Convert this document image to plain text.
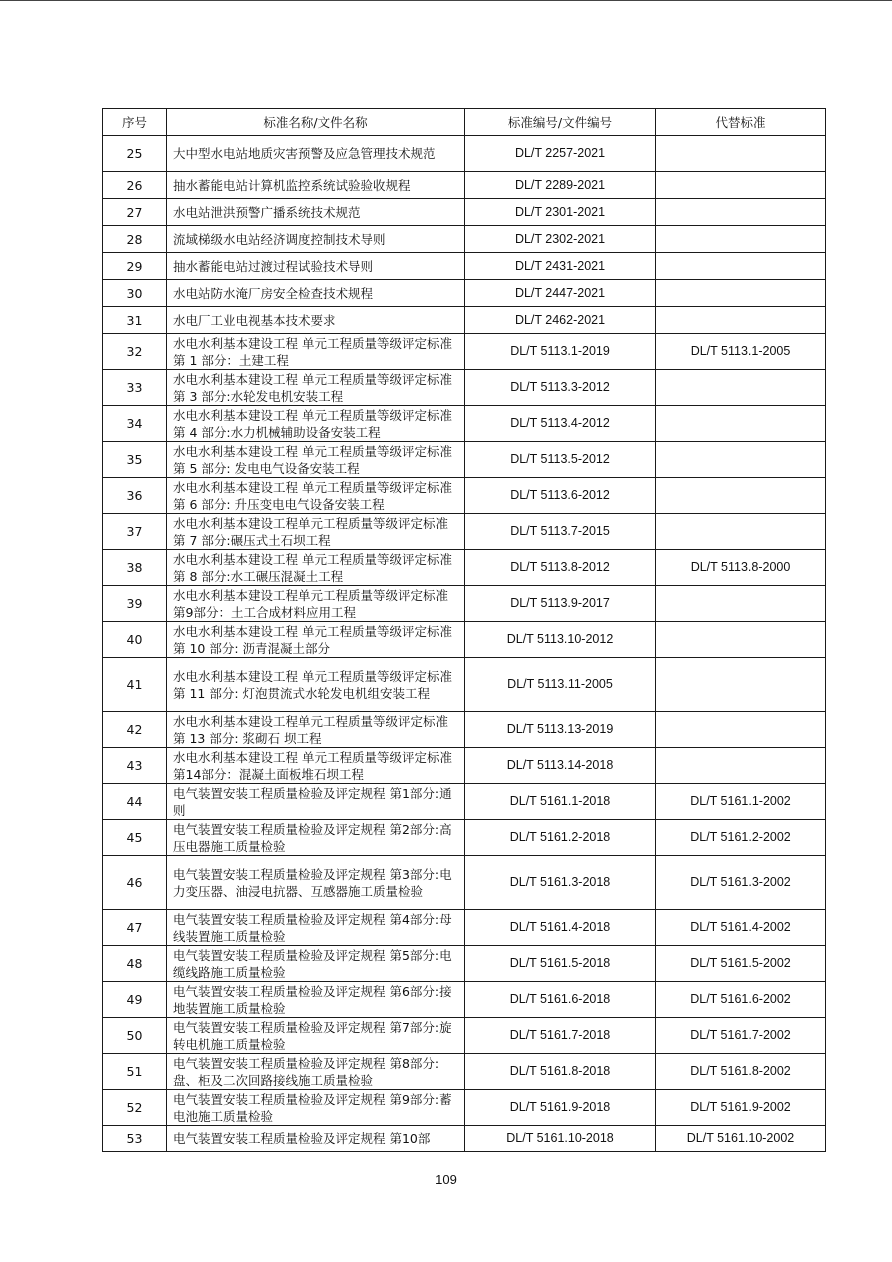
序号	标准名称/文件名称	标准编号/文件编号	代替标准
25	大中型水电站地质灾害预警及应急管理技术规范	DL/T 2257-2021	
26	抽水蓄能电站计算机监控系统试验验收规程	DL/T 2289-2021	
27	水电站泄洪预警广播系统技术规范	DL/T 2301-2021	
28	流域梯级水电站经济调度控制技术导则	DL/T 2302-2021	
29	抽水蓄能电站过渡过程试验技术导则	DL/T 2431-2021	
30	水电站防水淹厂房安全检查技术规程	DL/T 2447-2021	
31	水电厂工业电视基本技术要求	DL/T 2462-2021	
32	水电水利基本建设工程 单元工程质量等级评定标准 第 1 部分：土建工程	DL/T 5113.1-2019	DL/T 5113.1-2005
33	水电水利基本建设工程 单元工程质量等级评定标准 第 3 部分:水轮发电机安装工程	DL/T 5113.3-2012	
34	水电水利基本建设工程 单元工程质量等级评定标准 第 4 部分:水力机械辅助设备安装工程	DL/T 5113.4-2012	
35	水电水利基本建设工程 单元工程质量等级评定标准 第 5 部分: 发电电气设备安装工程	DL/T 5113.5-2012	
36	水电水利基本建设工程 单元工程质量等级评定标准 第 6 部分: 升压变电电气设备安装工程	DL/T 5113.6-2012	
37	水电水利基本建设工程单元工程质量等级评定标准第 7 部分:碾压式土石坝工程	DL/T 5113.7-2015	
38	水电水利基本建设工程 单元工程质量等级评定标准 第 8 部分:水工碾压混凝土工程	DL/T 5113.8-2012	DL/T 5113.8-2000
39	水电水利基本建设工程单元工程质量等级评定标准 第9部分：土工合成材料应用工程	DL/T 5113.9-2017	
40	水电水利基本建设工程 单元工程质量等级评定标准 第 10 部分: 沥青混凝土部分	DL/T 5113.10-2012	
41	水电水利基本建设工程 单元工程质量等级评定标准 第 11 部分: 灯泡贯流式水轮发电机组安装工程	DL/T 5113.11-2005	
42	水电水利基本建设工程单元工程质量等级评定标准 第 13 部分: 浆砌石 坝工程	DL/T 5113.13-2019	
43	水电水利基本建设工程 单元工程质量等级评定标准 第14部分：混凝土面板堆石坝工程	DL/T 5113.14-2018	
44	电气装置安装工程质量检验及评定规程 第1部分:通则	DL/T 5161.1-2018	DL/T 5161.1-2002
45	电气装置安装工程质量检验及评定规程 第2部分:高压电器施工质量检验	DL/T 5161.2-2018	DL/T 5161.2-2002
46	电气装置安装工程质量检验及评定规程 第3部分:电力变压器、油浸电抗器、互感器施工质量检验	DL/T 5161.3-2018	DL/T 5161.3-2002
47	电气装置安装工程质量检验及评定规程 第4部分:母线装置施工质量检验	DL/T 5161.4-2018	DL/T 5161.4-2002
48	电气装置安装工程质量检验及评定规程 第5部分:电缆线路施工质量检验	DL/T 5161.5-2018	DL/T 5161.5-2002
49	电气装置安装工程质量检验及评定规程 第6部分:接地装置施工质量检验	DL/T 5161.6-2018	DL/T 5161.6-2002
50	电气装置安装工程质量检验及评定规程 第7部分:旋转电机施工质量检验	DL/T 5161.7-2018	DL/T 5161.7-2002
51	电气装置安装工程质量检验及评定规程 第8部分:盘、柜及二次回路接线施工质量检验	DL/T 5161.8-2018	DL/T 5161.8-2002
52	电气装置安装工程质量检验及评定规程 第9部分:蓄电池施工质量检验	DL/T 5161.9-2018	DL/T 5161.9-2002
53	电气装置安装工程质量检验及评定规程 第10部	DL/T 5161.10-2018	DL/T 5161.10-2002
109
